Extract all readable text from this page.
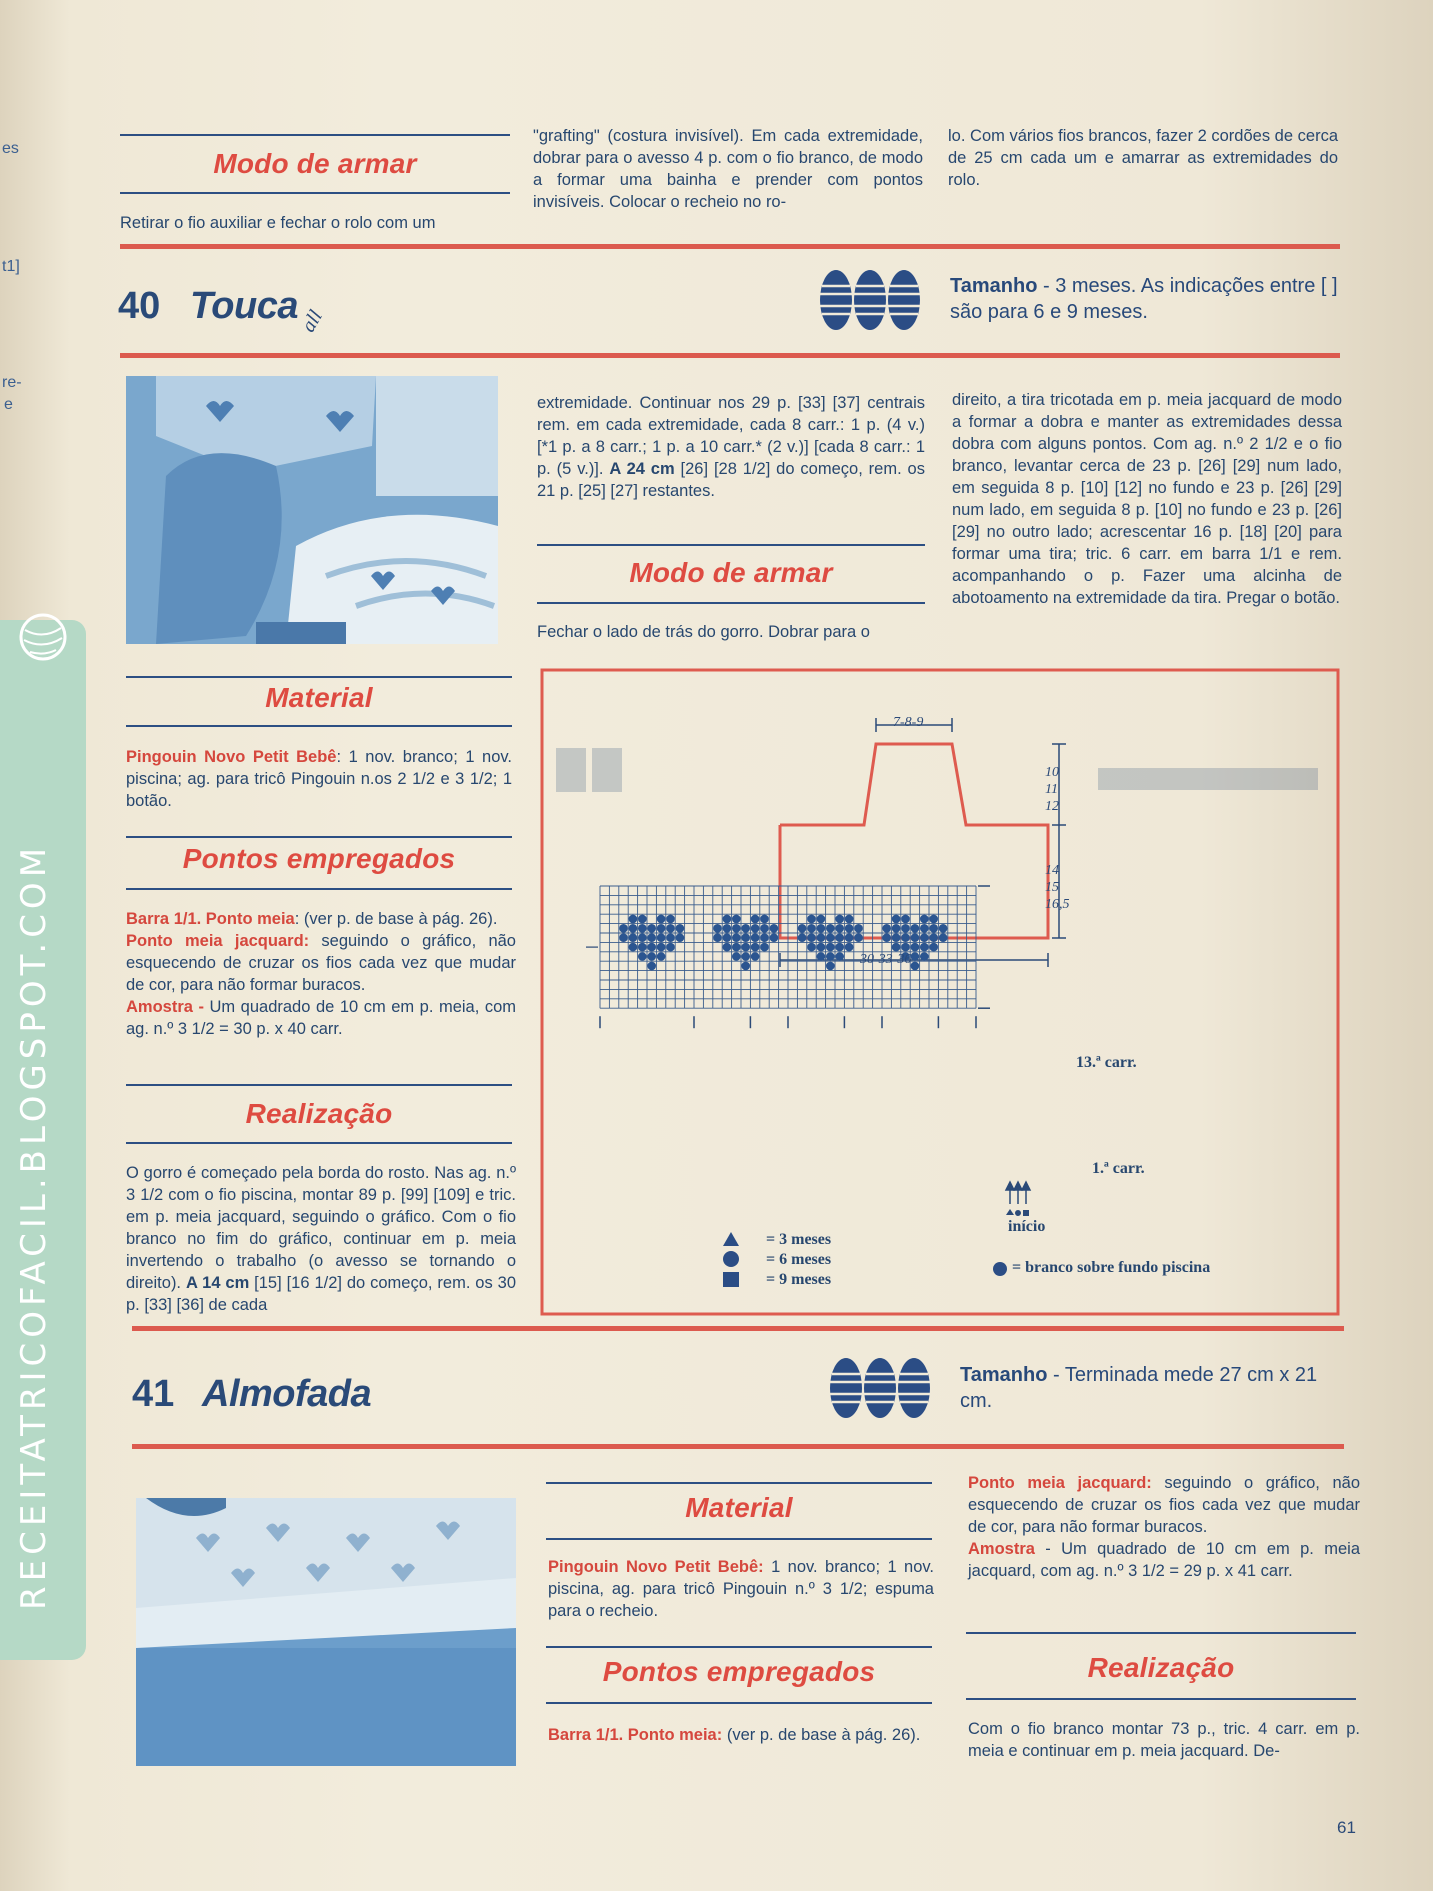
es
t1]
re-
e
RECEITATRICOFACIL.BLOGSPOT.COM
Modo de armar

Retirar o fio auxiliar e fechar o rolo com um

"grafting" (costura invisível). Em cada extremidade, dobrar para o avesso 4 p. com o fio branco, de modo a formar uma bainha e prender com pontos invisíveis. Colocar o recheio no ro-

lo. Com vários fios brancos, fazer 2 cordões de cerca de 25 cm cada um e amarrar as extremidades do rolo.

40 Touca all
Tamanho - 3 meses. As indicações entre [ ] são para 6 e 9 meses.
Material

Pingouin Novo Petit Bebê: 1 nov. branco; 1 nov. piscina; ag. para tricô Pingouin n.os 2 1/2 e 3 1/2; 1 botão.

Pontos empregados

Barra 1/1. Ponto meia: (ver p. de base à pág. 26).
Ponto meia jacquard: seguindo o gráfico, não esquecendo de cruzar os fios cada vez que mudar de cor, para não formar buracos.
Amostra - Um quadrado de 10 cm em p. meia, com ag. n.º 3 1/2 = 30 p. x 40 carr.

Realização

O gorro é começado pela borda do rosto. Nas ag. n.º 3 1/2 com o fio piscina, montar 89 p. [99] [109] e tric. em p. meia jacquard, seguindo o gráfico. Com o fio branco no fim do gráfico, continuar em p. meia invertendo o trabalho (o avesso se tornando o direito). A 14 cm [15] [16 1/2] do começo, rem. os 30 p. [33] [36] de cada

extremidade. Continuar nos 29 p. [33] [37] centrais rem. em cada extremidade, cada 8 carr.: 1 p. (4 v.) [*1 p. a 8 carr.; 1 p. a 10 carr.* (2 v.)] [cada 8 carr.: 1 p. (5 v.)]. A 24 cm [26] [28 1/2] do começo, rem. os 21 p. [25] [27] restantes.

Modo de armar

Fechar o lado de trás do gorro. Dobrar para o

direito, a tira tricotada em p. meia jacquard de modo a formar a dobra e manter as extremidades dessa dobra com alguns pontos. Com ag. n.º 2 1/2 e o fio branco, levantar cerca de 23 p. [26] [29] num lado, em seguida 8 p. [10] [12] no fundo e 23 p. [26] [29] num lado, em seguida 8 p. [10] no fundo e 23 p. [26] [29] no outro lado; acrescentar 16 p. [18] [20] para formar uma tira; tric. 6 carr. em barra 1/1 e rem. acompanhando o p. Fazer uma alcinha de abotoamento na extremidade da tira. Pregar o botão.

7-8-9
10
11
12
14
15
16,5
30-33-36
13.ª carr.
1.ª carr.
início
= 3 meses
= 6 meses
= 9 meses
= branco sobre fundo piscina
41 Almofada	Tamanho - Terminada mede 27 cm x 21 cm.
Material

Pingouin Novo Petit Bebê: 1 nov. branco; 1 nov. piscina, ag. para tricô Pingouin n.º 3 1/2; espuma para o recheio.

Pontos empregados

Barra 1/1. Ponto meia: (ver p. de base à pág. 26).

Ponto meia jacquard: seguindo o gráfico, não esquecendo de cruzar os fios cada vez que mudar de cor, para não formar buracos.
Amostra - Um quadrado de 10 cm em p. meia jacquard, com ag. n.º 3 1/2 = 29 p. x 41 carr.

Realização

Com o fio branco montar 73 p., tric. 4 carr. em p. meia e continuar em p. meia jacquard. De-

61
